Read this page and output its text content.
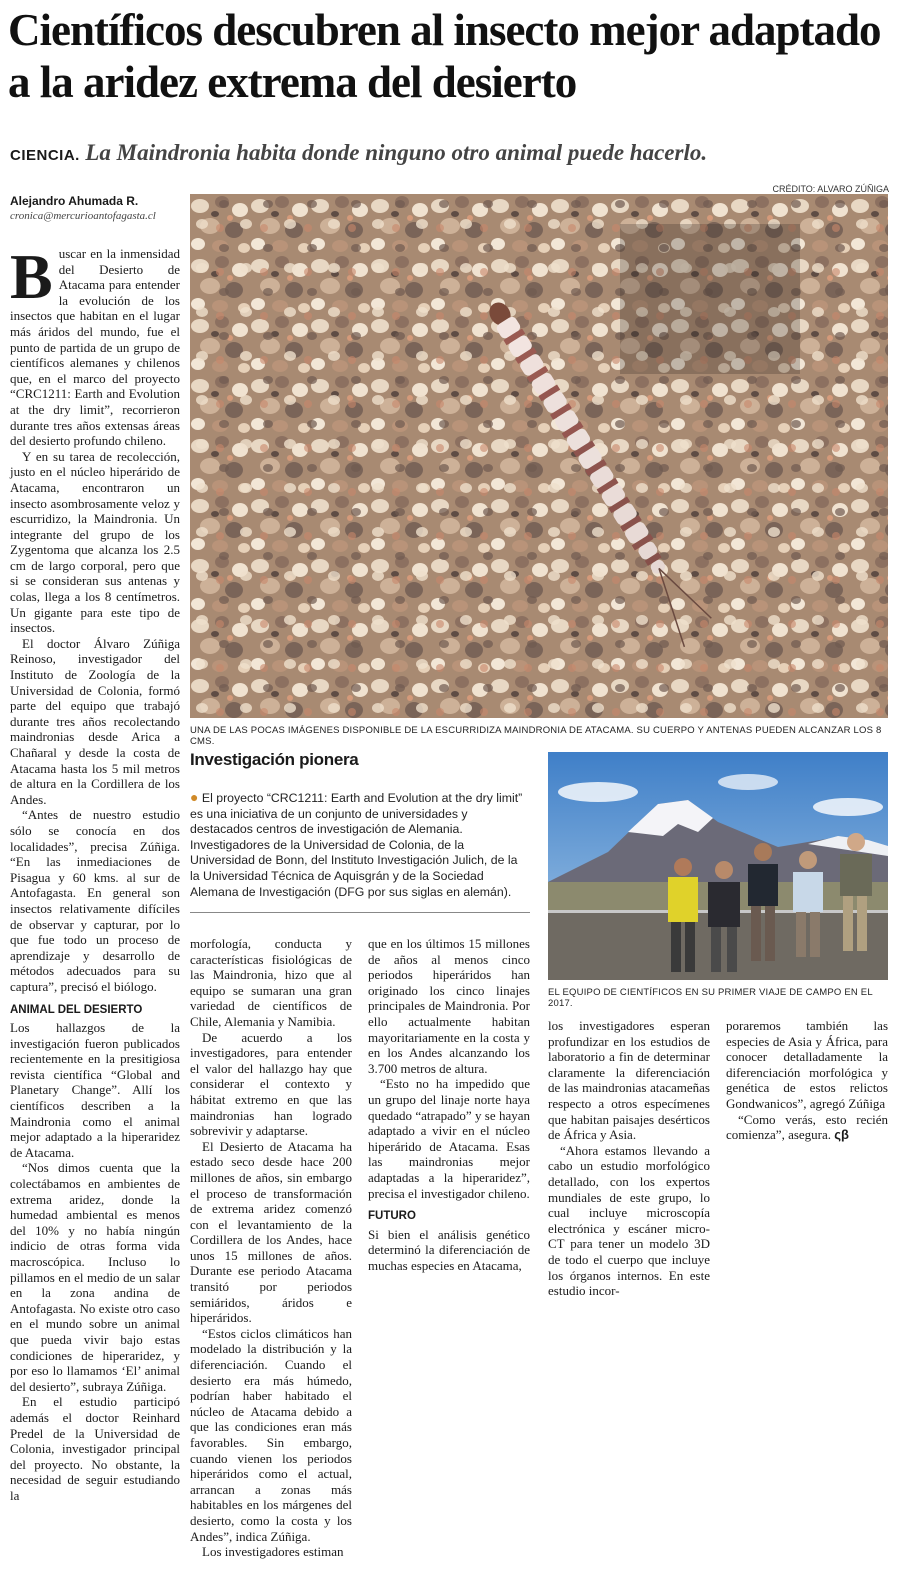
Científicos descubren al insecto mejor adaptado a la aridez extrema del desierto
CIENCIA. La Maindronia habita donde ninguno otro animal puede hacerlo.
CRÉDITO: ALVARO ZÚÑIGA
Alejandro Ahumada R.
cronica@mercurioantofagasta.cl
UNA DE LAS POCAS IMÁGENES DISPONIBLE DE LA ESCURRIDIZA MAINDRONIA DE ATACAMA. SU CUERPO Y ANTENAS PUEDEN ALCANZAR LOS 8 CMS.

Buscar en la inmensidad del Desierto de Atacama para entender la evolución de los insectos que habitan en el lugar más áridos del mundo, fue el punto de partida de un grupo de científicos alemanes y chilenos que, en el marco del proyecto “CRC1211: Earth and Evolution at the dry limit”, recorrieron durante tres años extensas áreas del desierto profundo chileno.

Y en su tarea de recolección, justo en el núcleo hiperárido de Atacama, encontraron un insecto asombrosamente veloz y escurridizo, la Maindronia. Un integrante del grupo de los Zygentoma que alcanza los 2.5 cm de largo corporal, pero que si se consideran sus antenas y colas, llega a los 8 centímetros. Un gigante para este tipo de insectos.

El doctor Álvaro Zúñiga Reinoso, investigador del Instituto de Zoología de la Universidad de Colonia, formó parte del equipo que trabajó durante tres años recolectando maindronias desde Arica a Chañaral y desde la costa de Atacama hasta los 5 mil metros de altura en la Cordillera de los Andes.

“Antes de nuestro estudio sólo se conocía en dos localidades”, precisa Zúñiga. “En las inmediaciones de Pisagua y 60 kms. al sur de Antofagasta. En general son insectos relativamente difíciles de observar y capturar, por lo que fue todo un proceso de aprendizaje y desarrollo de métodos adecuados para su captura”, precisó el biólogo.

ANIMAL DEL DESIERTO

Los hallazgos de la investigación fueron publicados recientemente en la presitigiosa revista científica “Global and Planetary Change”. Allí los científicos describen a la Maindronia como el animal mejor adaptado a la hiperaridez de Atacama.

“Nos dimos cuenta que la colectábamos en ambientes de extrema aridez, donde la humedad ambiental es menos del 10% y no había ningún indicio de otras forma vida macroscópica. Incluso lo pillamos en el medio de un salar en la zona andina de Antofagasta. No existe otro caso en el mundo sobre un animal que pueda vivir bajo estas condiciones de hiperaridez, y por eso lo llamamos ‘El’ animal del desierto”, subraya Zúñiga.

En el estudio participó además el doctor Reinhard Predel de la Universidad de Colonia, investigador principal del proyecto. No obstante, la necesidad de seguir estudiando la

Investigación pionera
● El proyecto “CRC1211: Earth and Evolution at the dry limit” es una iniciativa de un conjunto de universidades y destacados centros de investigación de Alemania. Investigadores de la Universidad de Colonia, de la Universidad de Bonn, del Instituto Investigación Julich, de la la Universidad Técnica de Aquisgrán y de la Sociedad Alemana de Investigación (DFG por sus siglas en alemán).
EL EQUIPO DE CIENTÍFICOS EN SU PRIMER VIAJE DE CAMPO EN EL 2017.

morfología, conducta y características fisiológicas de las Maindronia, hizo que al equipo se sumaran una gran variedad de científicos de Chile, Alemania y Namibia.

De acuerdo a los investigadores, para entender el valor del hallazgo hay que considerar el contexto y hábitat extremo en que las maindronias han logrado sobrevivir y adaptarse.

El Desierto de Atacama ha estado seco desde hace 200 millones de años, sin embargo el proceso de transformación de extrema aridez comenzó con el levantamiento de la Cordillera de los Andes, hace unos 15 millones de años. Durante ese periodo Atacama transitó por periodos semiáridos, áridos e hiperáridos.

“Estos ciclos climáticos han modelado la distribución y la diferenciación. Cuando el desierto era más húmedo, podrían haber habitado el núcleo de Atacama debido a que las condiciones eran más favorables. Sin embargo, cuando vienen los periodos hiperáridos como el actual, arrancan a zonas más habitables en los márgenes del desierto, como la costa y los Andes”, indica Zúñiga.

Los investigadores estiman

que en los últimos 15 millones de años al menos cinco periodos hiperáridos han originado los cinco linajes principales de Maindronia. Por ello actualmente habitan mayoritariamente en la costa y en los Andes alcanzando los 3.700 metros de altura.

“Esto no ha impedido que un grupo del linaje norte haya quedado “atrapado” y se hayan adaptado a vivir en el núcleo hiperárido de Atacama. Esas las maindronias mejor adaptadas a la hiperaridez”, precisa el investigador chileno.

FUTURO

Si bien el análisis genético determinó la diferenciación de muchas especies en Atacama,

los investigadores esperan profundizar en los estudios de laboratorio a fin de determinar claramente la diferenciación de las maindronias atacameñas respecto a otros especímenes que habitan paisajes desérticos de África y Asia.

“Ahora estamos llevando a cabo un estudio morfológico detallado, con los expertos mundiales de este grupo, lo cual incluye microscopía electrónica y escáner micro-CT para tener un modelo 3D de todo el cuerpo que incluye los órganos internos. En este estudio incor-

poraremos también las especies de Asia y África, para conocer detalladamente la diferenciación morfológica y genética de estos relictos Gondwanicos”, agregó Zúñiga

“Como verás, esto recién comienza”, asegura. ςβ
